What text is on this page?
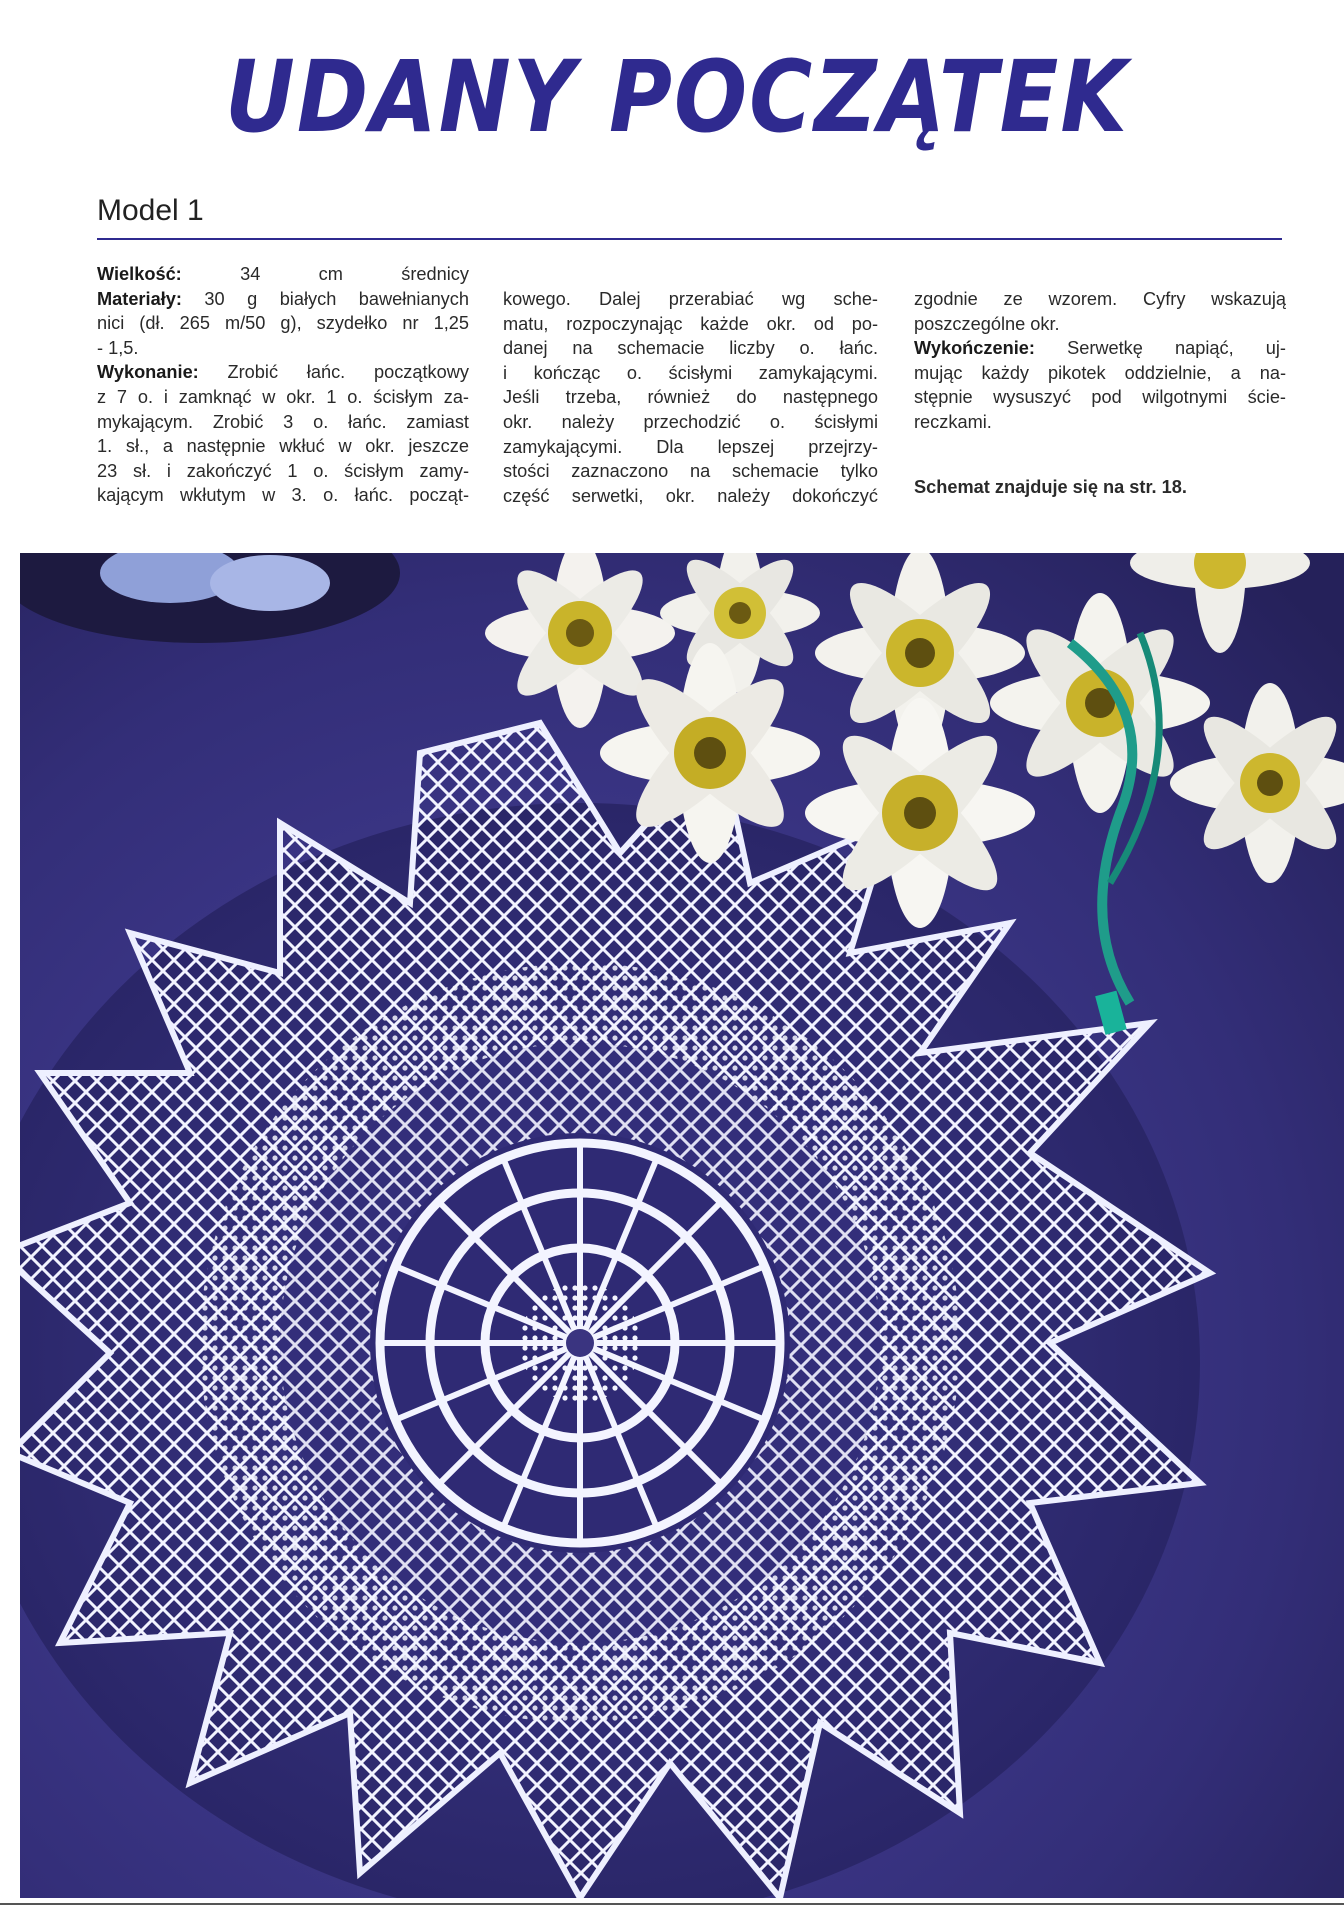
UDANY POCZĄTEK
Model 1

Wielkość: 34 cm średnicy

Materiały: 30 g białych bawełnianych

nici (dł. 265 m/50 g), szydełko nr 1,25

- 1,5.

Wykonanie: Zrobić łańc. początkowy

z 7 o. i zamknąć w okr. 1 o. ścisłym za-

mykającym. Zrobić 3 o. łańc. zamiast

1. sł., a następnie wkłuć w okr. jeszcze

23 sł. i zakończyć 1 o. ścisłym zamy-

kającym wkłutym w 3. o. łańc. począt-

kowego. Dalej przerabiać wg sche-

matu, rozpoczynając każde okr. od po-

danej na schemacie liczby o. łańc.

i kończąc o. ścisłymi zamykającymi.

Jeśli trzeba, również do następnego

okr. należy przechodzić o. ścisłymi

zamykającymi. Dla lepszej przejrzy-

stości zaznaczono na schemacie tylko

część serwetki, okr. należy dokończyć

zgodnie ze wzorem. Cyfry wskazują

poszczególne okr.

Wykończenie: Serwetkę napiąć, uj-

mując każdy pikotek oddzielnie, a na-

stępnie wysuszyć pod wilgotnymi ście-

reczkami.

Schemat znajduje się na str. 18.
